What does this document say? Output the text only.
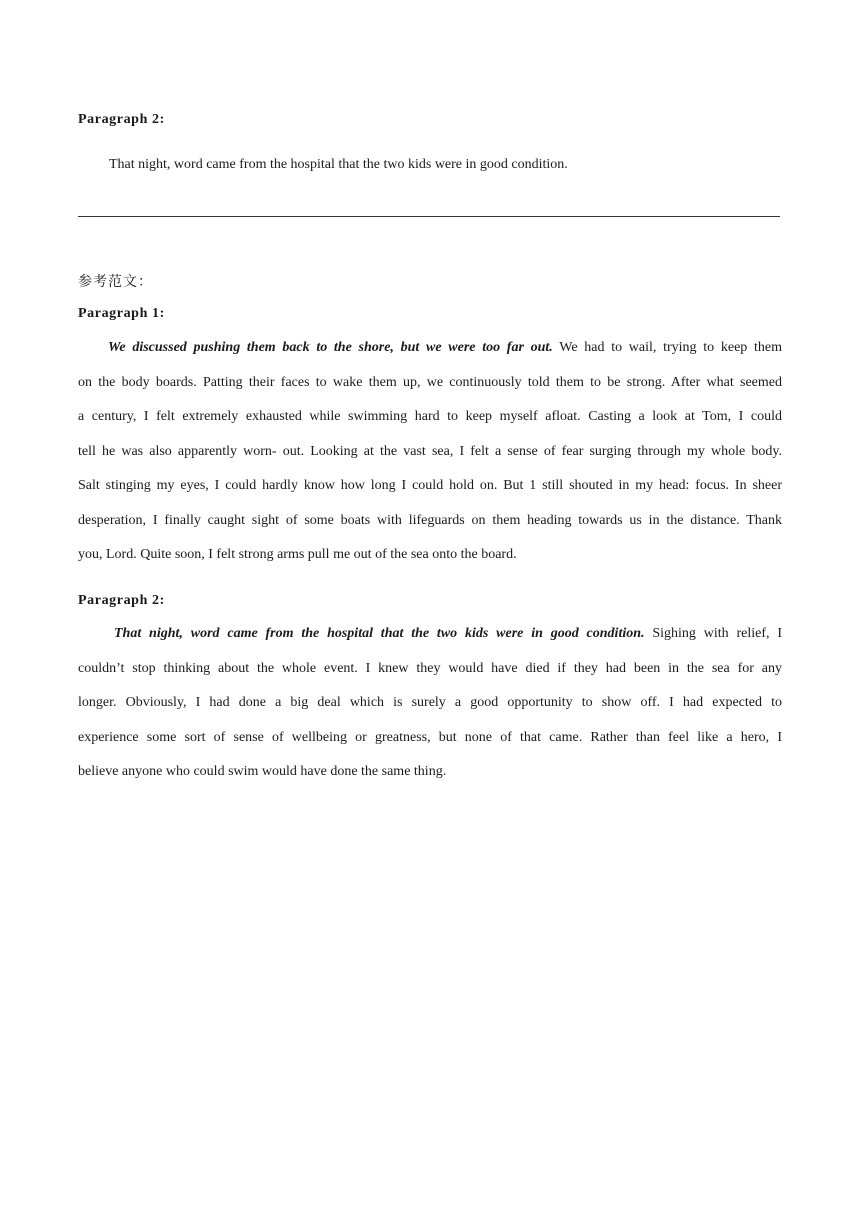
Paragraph 2:
That night, word came from the hospital that the two kids were in good condition.
参考范文：
Paragraph 1:
We discussed pushing them back to the shore, but we were too far out. We had to wail, trying to keep them
on the body boards. Patting their faces to wake them up, we continuously told them to be strong. After what seemed
a century, I felt extremely exhausted while swimming hard to keep myself afloat. Casting a look at Tom, I could
tell he was also apparently worn- out. Looking at the vast sea, I felt a sense of fear surging through my whole body.
Salt stinging my eyes, I could hardly know how long I could hold on. But 1 still shouted in my head: focus. In sheer
desperation, I finally caught sight of some boats with lifeguards on them heading towards us in the distance. Thank
you, Lord. Quite soon, I felt strong arms pull me out of the sea onto the board.
Paragraph 2:
That night, word came from the hospital that the two kids were in good condition. Sighing with relief, I
couldn’t stop thinking about the whole event. I knew they would have died if they had been in the sea for any
longer. Obviously, I had done a big deal which is surely a good opportunity to show off. I had expected to
experience some sort of sense of wellbeing or greatness, but none of that came. Rather than feel like a hero, I
believe anyone who could swim would have done the same thing.
